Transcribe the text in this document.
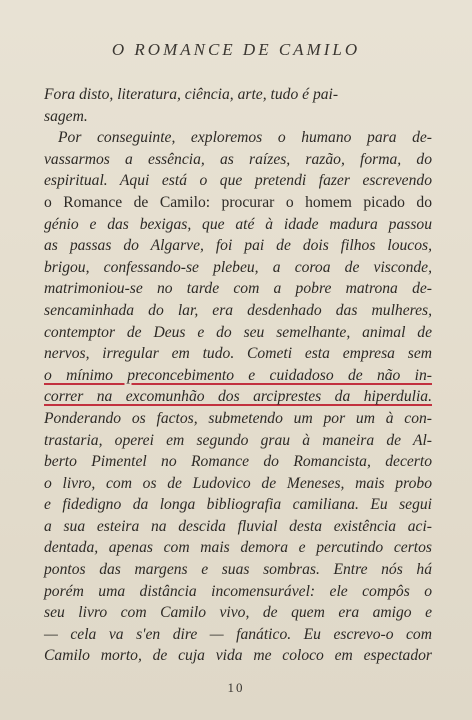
O ROMANCE DE CAMILO
Fora disto, literatura, ciência, arte, tudo é pai-
sagem.
Por conseguinte, exploremos o humano para de-
vassarmos a essência, as raízes, razão, forma, do
espiritual. Aqui está o que pretendi fazer escrevendo
o Romance de Camilo: procurar o homem picado do
génio e das bexigas, que até à idade madura passou
as passas do Algarve, foi pai de dois filhos loucos,
brigou, confessando-se plebeu, a coroa de visconde,
matrimoniou-se no tarde com a pobre matrona de-
sencaminhada do lar, era desdenhado das mulheres,
contemptor de Deus e do seu semelhante, animal de
nervos, irregular em tudo. Cometi esta empresa sem
o mínimo preconcebimento e cuidadoso de não in-
correr na excomunhão dos arciprestes da hiperdulia.
Ponderando os factos, submetendo um por um à con-
trastaria, operei em segundo grau à maneira de Al-
berto Pimentel no Romance do Romancista, decerto
o livro, com os de Ludovico de Meneses, mais probo
e fidedigno da longa bibliografia camiliana. Eu segui
a sua esteira na descida fluvial desta existência aci-
dentada, apenas com mais demora e percutindo certos
pontos das margens e suas sombras. Entre nós há
porém uma distância incomensurável: ele compôs o
seu livro com Camilo vivo, de quem era amigo e
— cela va s'en dire — fanático. Eu escrevo-o com
Camilo morto, de cuja vida me coloco em espectador
10
